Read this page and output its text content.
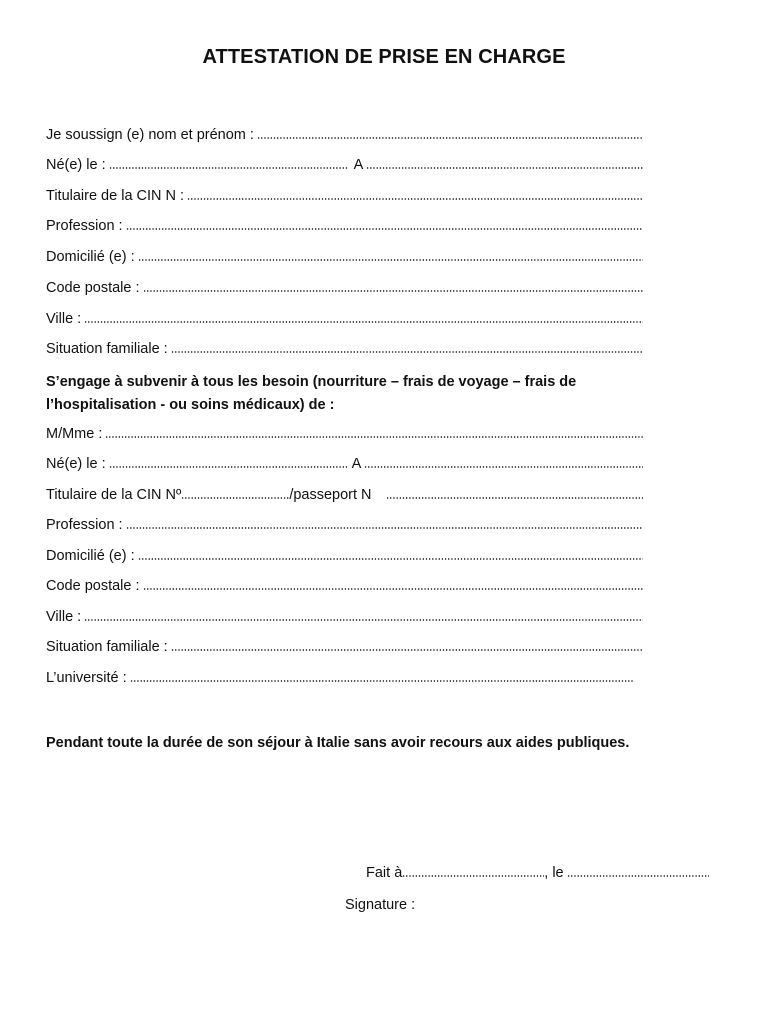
ATTESTATION DE PRISE EN CHARGE
Je soussign (e) nom et prénom :
Né(e) le :	A
Titulaire de la CIN N :
Profession :
Domicilié (e) :
Code postale :
Ville :
Situation familiale :
S’engage à subvenir à tous les besoin (nourriture – frais de voyage – frais de l’hospitalisation - ou soins médicaux) de :
M/Mme :
Né(e) le :	A
Titulaire de la CIN Nº	/passeport N
Profession :
Domicilié (e) :
Code postale :
Ville :
Situation familiale :
L’université :
Pendant toute la durée de son séjour à Italie sans avoir recours aux aides publiques.
Fait à	, le
Signature :
